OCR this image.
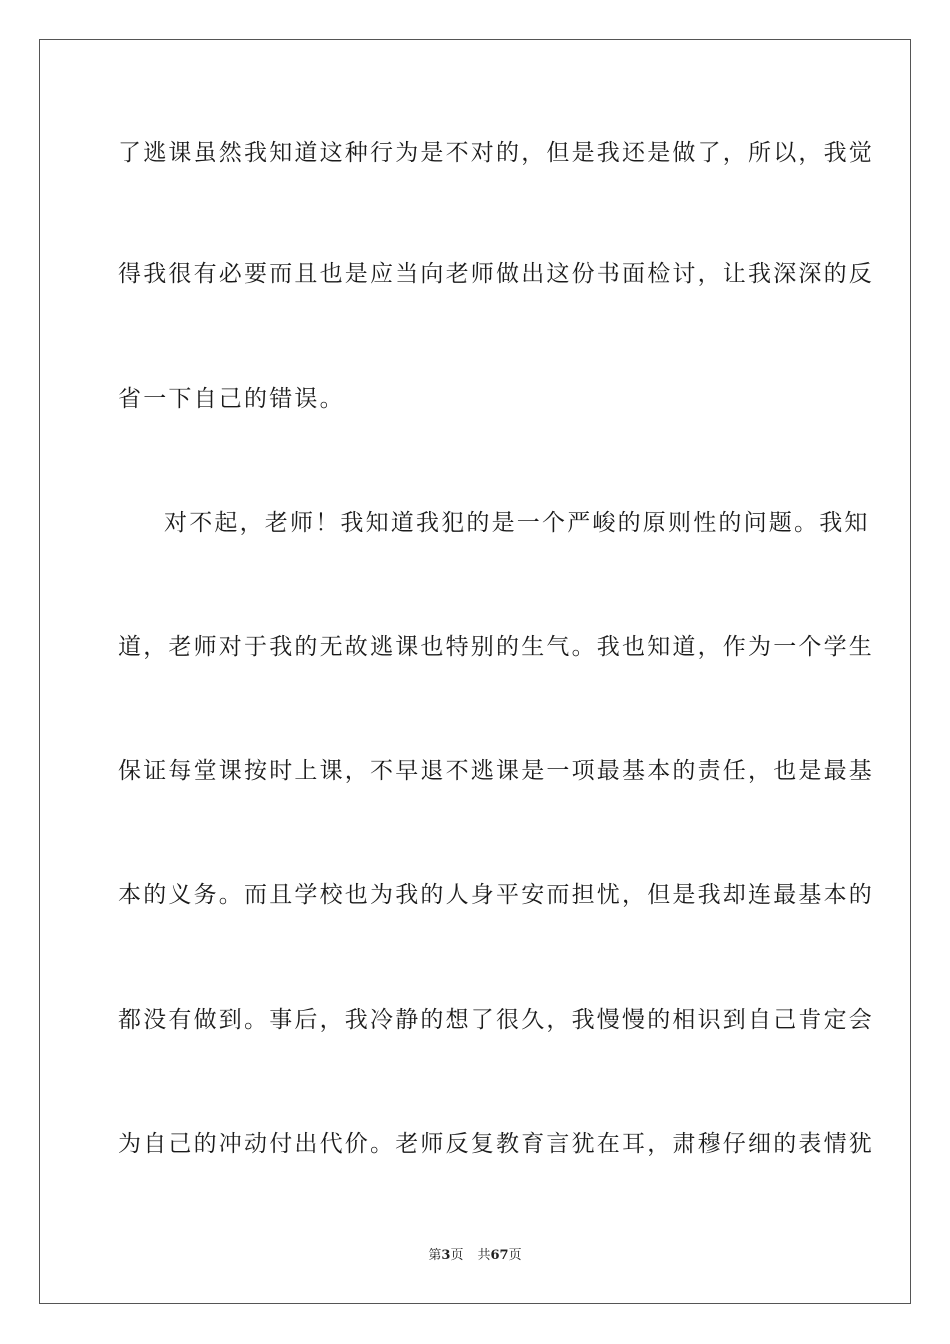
了逃课虽然我知道这种行为是不对的，但是我还是做了，所以，我觉
得我很有必要而且也是应当向老师做出这份书面检讨，让我深深的反
省一下自己的错误。
对不起，老师！我知道我犯的是一个严峻的原则性的问题。我知
道，老师对于我的无故逃课也特别的生气。我也知道，作为一个学生
保证每堂课按时上课，不早退不逃课是一项最基本的责任，也是最基
本的义务。而且学校也为我的人身平安而担忧，但是我却连最基本的
都没有做到。事后，我冷静的想了很久，我慢慢的相识到自己肯定会
为自己的冲动付出代价。老师反复教育言犹在耳，肃穆仔细的表情犹
第3页 共67页
